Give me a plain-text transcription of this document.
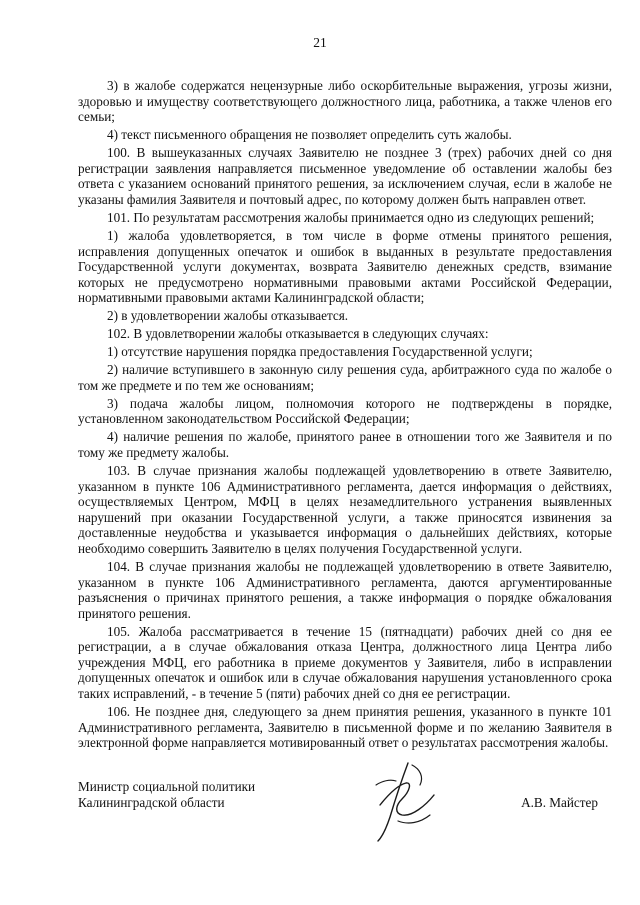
21

3) в жалобе содержатся нецензурные либо оскорбительные выражения, угрозы жизни, здоровью и имуществу соответствующего должностного лица, работника, а также членов его семьи;

4) текст письменного обращения не позволяет определить суть жалобы.

100. В вышеуказанных случаях Заявителю не позднее 3 (трех) рабочих дней со дня регистрации заявления направляется письменное уведомление об оставлении жалобы без ответа с указанием оснований принятого решения, за исключением случая, если в жалобе не указаны фамилия Заявителя и почтовый адрес, по которому должен быть направлен ответ.

101. По результатам рассмотрения жалобы принимается одно из следующих решений;

1) жалоба удовлетворяется, в том числе в форме отмены принятого решения, исправления допущенных опечаток и ошибок в выданных в результате предоставления Государственной услуги документах, возврата Заявителю денежных средств, взимание которых не предусмотрено нормативными правовыми актами Российской Федерации, нормативными правовыми актами Калининградской области;

2) в удовлетворении жалобы отказывается.

102. В удовлетворении жалобы отказывается в следующих случаях:

1) отсутствие нарушения порядка предоставления Государственной услуги;

2) наличие вступившего в законную силу решения суда, арбитражного суда по жалобе о том же предмете и по тем же основаниям;

3) подача жалобы лицом, полномочия которого не подтверждены в порядке, установленном законодательством Российской Федерации;

4) наличие решения по жалобе, принятого ранее в отношении того же Заявителя и по тому же предмету жалобы.

103. В случае признания жалобы подлежащей удовлетворению в ответе Заявителю, указанном в пункте 106 Административного регламента, дается информация о действиях, осуществляемых Центром, МФЦ в целях незамедлительного устранения выявленных нарушений при оказании Государственной услуги, а также приносятся извинения за доставленные неудобства и указывается информация о дальнейших действиях, которые необходимо совершить Заявителю в целях получения Государственной услуги.

104. В случае признания жалобы не подлежащей удовлетворению в ответе Заявителю, указанном в пункте 106 Административного регламента, даются аргументированные разъяснения о причинах принятого решения, а также информация о порядке обжалования принятого решения.

105. Жалоба рассматривается в течение 15 (пятнадцати) рабочих дней со дня ее регистрации, а в случае обжалования отказа Центра, должностного лица Центра либо учреждения МФЦ, его работника в приеме документов у Заявителя, либо в исправлении допущенных опечаток и ошибок или в случае обжалования нарушения установленного срока таких исправлений, - в течение 5 (пяти) рабочих дней со дня ее регистрации.

106. Не позднее дня, следующего за днем принятия решения, указанного в пункте 101 Административного регламента, Заявителю в письменной форме и по желанию Заявителя в электронной форме направляется мотивированный ответ о результатах рассмотрения жалобы.

Министр социальной политики
Калининградской области	А.В. Майстер
